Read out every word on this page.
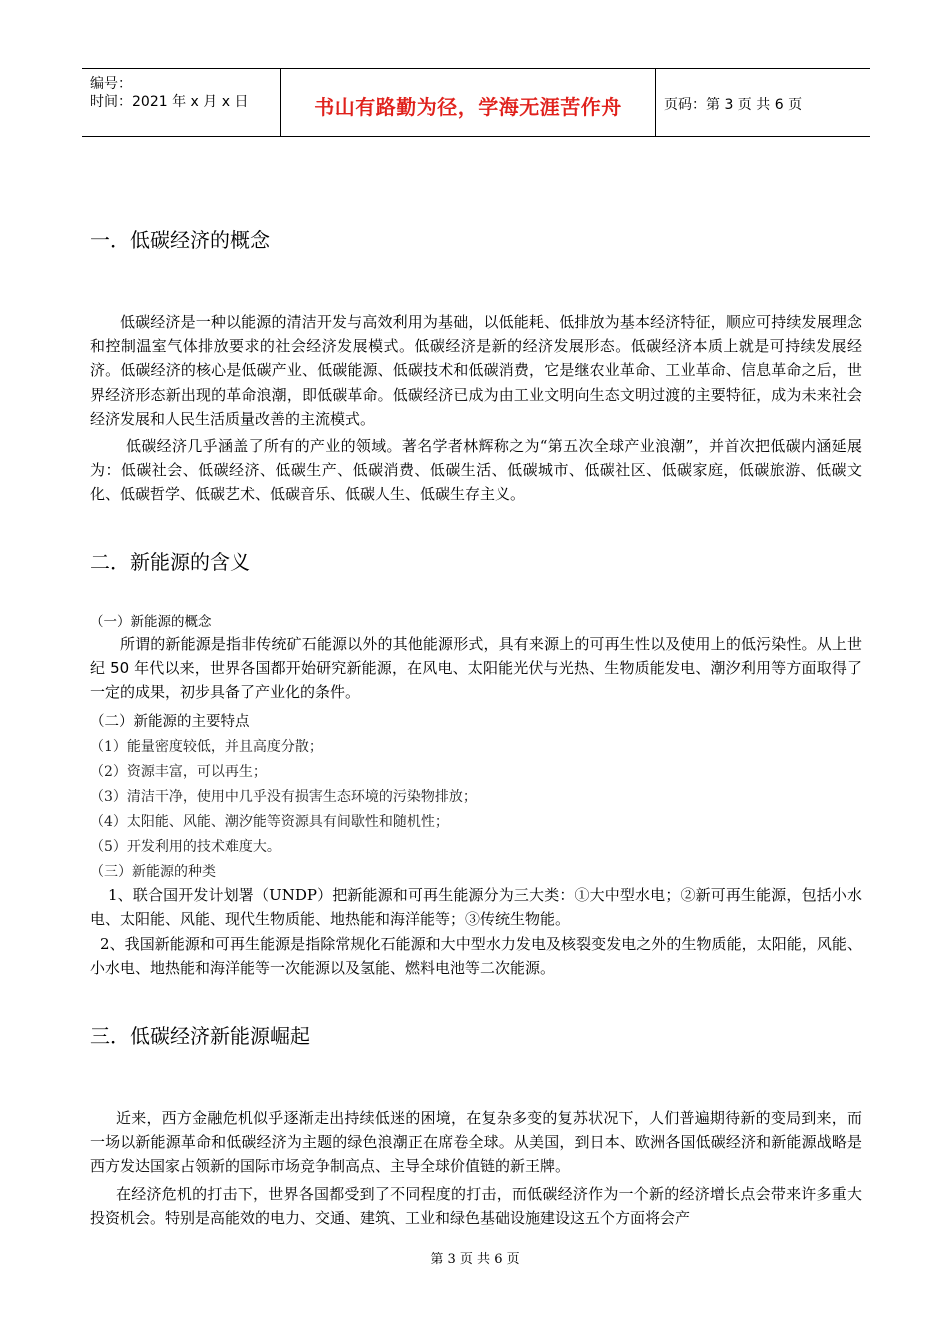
编号：
时间：2021 年 x 月 x 日	书山有路勤为径，学海无涯苦作舟	页码：第 3 页 共 6 页
一．低碳经济的概念
低碳经济是一种以能源的清洁开发与高效利用为基础，以低能耗、低排放为基本经济特征，顺应可持续发展理念和控制温室气体排放要求的社会经济发展模式。低碳经济是新的经济发展形态。低碳经济本质上就是可持续发展经济。低碳经济的核心是低碳产业、低碳能源、低碳技术和低碳消费，它是继农业革命、工业革命、信息革命之后，世界经济形态新出现的革命浪潮，即低碳革命。低碳经济已成为由工业文明向生态文明过渡的主要特征，成为未来社会经济发展和人民生活质量改善的主流模式。
低碳经济几乎涵盖了所有的产业的领域。著名学者林辉称之为“第五次全球产业浪潮”，并首次把低碳内涵延展为：低碳社会、低碳经济、低碳生产、低碳消费、低碳生活、低碳城市、低碳社区、低碳家庭，低碳旅游、低碳文化、低碳哲学、低碳艺术、低碳音乐、低碳人生、低碳生存主义。
二．新能源的含义
（一）新能源的概念
所谓的新能源是指非传统矿石能源以外的其他能源形式，具有来源上的可再生性以及使用上的低污染性。从上世纪 50 年代以来，世界各国都开始研究新能源，在风电、太阳能光伏与光热、生物质能发电、潮汐利用等方面取得了一定的成果，初步具备了产业化的条件。
（二）新能源的主要特点
（1）能量密度较低，并且高度分散；
（2）资源丰富，可以再生；
（3）清洁干净，使用中几乎没有损害生态环境的污染物排放；
（4）太阳能、风能、潮汐能等资源具有间歇性和随机性；
（5）开发利用的技术难度大。
（三）新能源的种类
1、联合国开发计划署（UNDP）把新能源和可再生能源分为三大类：①大中型水电；②新可再生能源，包括小水电、太阳能、风能、现代生物质能、地热能和海洋能等；③传统生物能。
2、我国新能源和可再生能源是指除常规化石能源和大中型水力发电及核裂变发电之外的生物质能，太阳能，风能、小水电、地热能和海洋能等一次能源以及氢能、燃料电池等二次能源。
三．低碳经济新能源崛起
近来，西方金融危机似乎逐渐走出持续低迷的困境，在复杂多变的复苏状况下，人们普遍期待新的变局到来，而一场以新能源革命和低碳经济为主题的绿色浪潮正在席卷全球。从美国，到日本、欧洲各国低碳经济和新能源战略是西方发达国家占领新的国际市场竞争制高点、主导全球价值链的新王牌。
在经济危机的打击下，世界各国都受到了不同程度的打击，而低碳经济作为一个新的经济增长点会带来许多重大投资机会。特别是高能效的电力、交通、建筑、工业和绿色基础设施建设这五个方面将会产
第 3 页 共 6 页
